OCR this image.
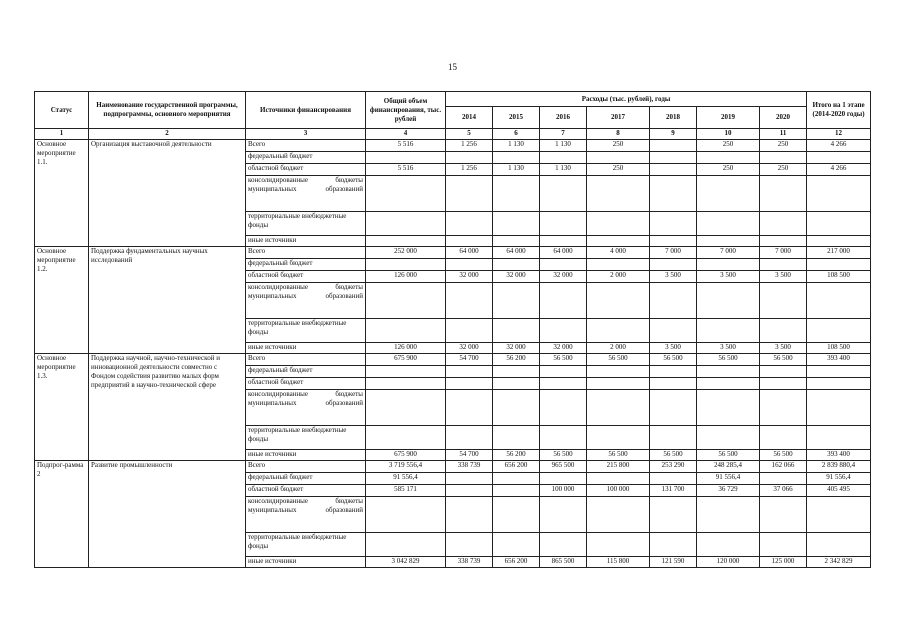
15
Статус	Наименование государственной программы, подпрограммы, основного мероприятия	Источники финансирования	Общий объем финансирования, тыс. рублей	Расходы (тыс. рублей), годы							Итого на 1 этапе (2014-2020 годы)
				2014	2015	2016	2017	2018	2019	2020	
1	2	3	4	5	6	7	8	9	10	11	12
Основное мероприятие 1.1.	Организация выставочной деятельности	Всего	5 516	1 256	1 130	1 130	250		250	250	4 266
		федеральный бюджет									
		областной бюджет	5 516	1 256	1 130	1 130	250		250	250	4 266
		консолидированные бюджеты муниципальных образований									
		территориальные внебюджетные фонды									
		иные источники									
Основное мероприятие 1.2.	Поддержка фундаментальных научных исследований	Всего	252 000	64 000	64 000	64 000	4 000	7 000	7 000	7 000	217 000
		федеральный бюджет									
		областной бюджет	126 000	32 000	32 000	32 000	2 000	3 500	3 500	3 500	108 500
		консолидированные бюджеты муниципальных образований									
		территориальные внебюджетные фонды									
		иные источники	126 000	32 000	32 000	32 000	2 000	3 500	3 500	3 500	108 500
Основное мероприятие 1.3.	Поддержка научной, научно-технической и инновационной деятельности совместно с Фондом содействия развитию малых форм предприятий в научно-технической сфере	Всего	675 900	54 700	56 200	56 500	56 500	56 500	56 500	56 500	393 400
		федеральный бюджет									
		областной бюджет									
		консолидированные бюджеты муниципальных образований									
		территориальные внебюджетные фонды									
		иные источники	675 900	54 700	56 200	56 500	56 500	56 500	56 500	56 500	393 400
Подпрог-рамма 2	Развитие промышленности	Всего	3 719 556,4	338 739	656 200	965 500	215 800	253 290	248 285,4	162 066	2 839 880,4
		федеральный бюджет	91 556,4						91 556,4		91 556,4
		областной бюджет	585 171			100 000	100 000	131 700	36 729	37 066	405 495
		консолидированные бюджеты муниципальных образований									
		территориальные внебюджетные фонды									
		иные источники	3 042 829	338 739	656 200	865 500	115 800	121 590	120 000	125 000	2 342 829
